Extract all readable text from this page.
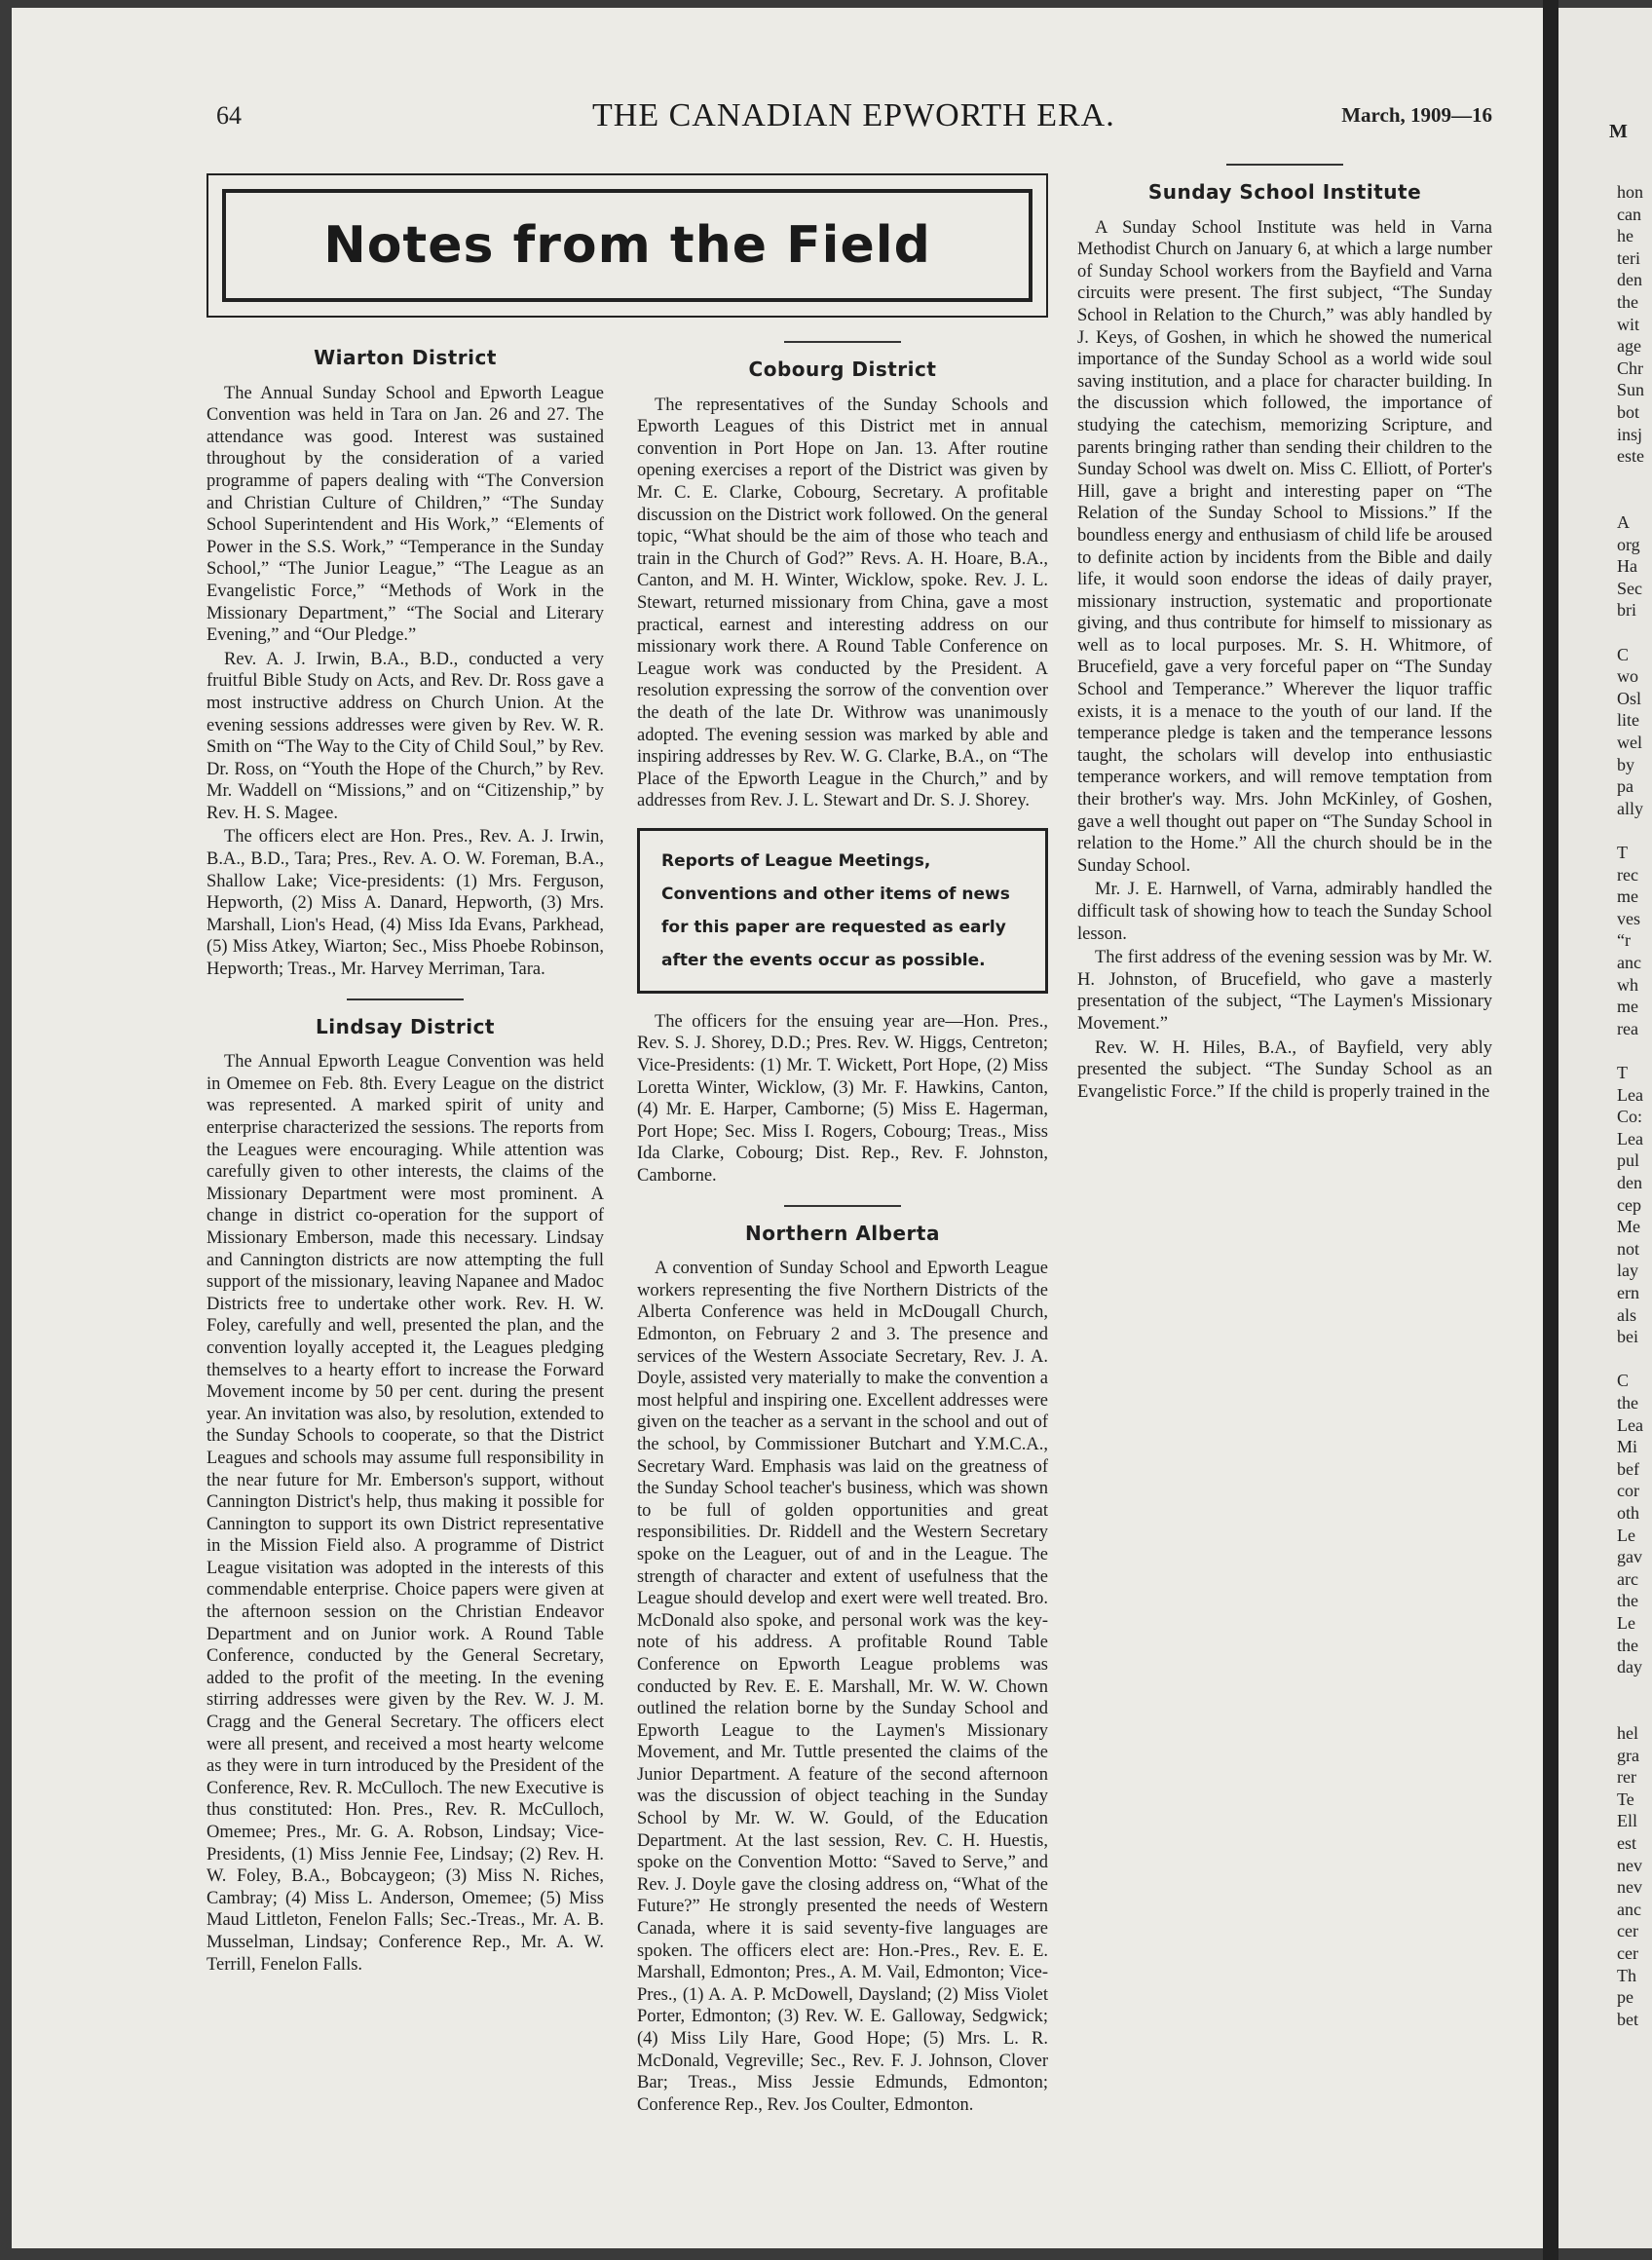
64	THE CANADIAN EPWORTH ERA.	March, 1909—16
Notes from the Field
Wiarton District

The Annual Sunday School and Epworth League Convention was held in Tara on Jan. 26 and 27. The attendance was good. Interest was sustained throughout by the consideration of a varied programme of papers dealing with “The Conversion and Christian Culture of Children,” “The Sunday School Superintendent and His Work,” “Elements of Power in the S.S. Work,” “Temperance in the Sunday School,” “The Junior League,” “The League as an Evangelistic Force,” “Methods of Work in the Missionary Department,” “The Social and Literary Evening,” and “Our Pledge.”

Rev. A. J. Irwin, B.A., B.D., conducted a very fruitful Bible Study on Acts, and Rev. Dr. Ross gave a most instructive address on Church Union. At the evening sessions addresses were given by Rev. W. R. Smith on “The Way to the City of Child Soul,” by Rev. Dr. Ross, on “Youth the Hope of the Church,” by Rev. Mr. Waddell on “Missions,” and on “Citizenship,” by Rev. H. S. Magee.

The officers elect are Hon. Pres., Rev. A. J. Irwin, B.A., B.D., Tara; Pres., Rev. A. O. W. Foreman, B.A., Shallow Lake; Vice-presidents: (1) Mrs. Ferguson, Hepworth, (2) Miss A. Danard, Hepworth, (3) Mrs. Marshall, Lion's Head, (4) Miss Ida Evans, Parkhead, (5) Miss Atkey, Wiarton; Sec., Miss Phoebe Robinson, Hepworth; Treas., Mr. Harvey Merriman, Tara.

Lindsay District

The Annual Epworth League Convention was held in Omemee on Feb. 8th. Every League on the district was represented. A marked spirit of unity and enterprise characterized the sessions. The reports from the Leagues were encouraging. While attention was carefully given to other interests, the claims of the Missionary Department were most prominent. A change in district co-operation for the support of Missionary Emberson, made this necessary. Lindsay and Cannington districts are now attempting the full support of the missionary, leaving Napanee and Madoc Districts free to undertake other work. Rev. H. W. Foley, carefully and well, presented the plan, and the convention loyally accepted it, the Leagues pledging themselves to a hearty effort to increase the Forward Movement income by 50 per cent. during the present year. An invitation was also, by resolution, extended to the Sunday Schools to cooperate, so that the District Leagues and schools may assume full responsibility in the near future for Mr. Emberson's support, without Cannington District's help, thus making it possible for Cannington to support its own District representative in the Mission Field also. A programme of District League visitation was adopted in the interests of this commendable enterprise. Choice papers were given at the afternoon session on the Christian Endeavor Department and on Junior work. A Round Table Conference, conducted by the General Secretary, added to the profit of the meeting. In the evening stirring addresses were given by the Rev. W. J. M. Cragg and the General Secretary. The officers elect were all present, and received a most hearty welcome as they were in turn introduced by the President of the Conference, Rev. R. McCulloch. The new Executive is thus constituted: Hon. Pres., Rev. R. McCulloch, Omemee; Pres., Mr. G. A. Robson, Lindsay; Vice-Presidents, (1) Miss Jennie Fee, Lindsay; (2) Rev. H. W. Foley, B.A., Bobcaygeon; (3) Miss N. Riches, Cambray; (4) Miss L. Anderson, Omemee; (5) Miss Maud Littleton, Fenelon Falls; Sec.-Treas., Mr. A. B. Musselman, Lindsay; Conference Rep., Mr. A. W. Terrill, Fenelon Falls.

Cobourg District

The representatives of the Sunday Schools and Epworth Leagues of this District met in annual convention in Port Hope on Jan. 13. After routine opening exercises a report of the District was given by Mr. C. E. Clarke, Cobourg, Secretary. A profitable discussion on the District work followed. On the general topic, “What should be the aim of those who teach and train in the Church of God?” Revs. A. H. Hoare, B.A., Canton, and M. H. Winter, Wicklow, spoke. Rev. J. L. Stewart, returned missionary from China, gave a most practical, earnest and interesting address on our missionary work there. A Round Table Conference on League work was conducted by the President. A resolution expressing the sorrow of the convention over the death of the late Dr. Withrow was unanimously adopted. The evening session was marked by able and inspiring addresses by Rev. W. G. Clarke, B.A., on “The Place of the Epworth League in the Church,” and by addresses from Rev. J. L. Stewart and Dr. S. J. Shorey.

Reports of League Meetings, Conventions and other items of news for this paper are requested as early after the events occur as possible.

The officers for the ensuing year are—Hon. Pres., Rev. S. J. Shorey, D.D.; Pres. Rev. W. Higgs, Centreton; Vice-Presidents: (1) Mr. T. Wickett, Port Hope, (2) Miss Loretta Winter, Wicklow, (3) Mr. F. Hawkins, Canton, (4) Mr. E. Harper, Camborne; (5) Miss E. Hagerman, Port Hope; Sec. Miss I. Rogers, Cobourg; Treas., Miss Ida Clarke, Cobourg; Dist. Rep., Rev. F. Johnston, Camborne.

Northern Alberta

A convention of Sunday School and Epworth League workers representing the five Northern Districts of the Alberta Conference was held in McDougall Church, Edmonton, on February 2 and 3. The presence and services of the Western Associate Secretary, Rev. J. A. Doyle, assisted very materially to make the convention a most helpful and inspiring one. Excellent addresses were given on the teacher as a servant in the school and out of the school, by Commissioner Butchart and Y.M.C.A., Secretary Ward. Emphasis was laid on the greatness of the Sunday School teacher's business, which was shown to be full of golden opportunities and great responsibilities. Dr. Riddell and the Western Secretary spoke on the Leaguer, out of and in the League. The strength of character and extent of usefulness that the League should develop and exert were well treated. Bro. McDonald also spoke, and personal work was the key-note of his address. A profitable Round Table Conference on Epworth League problems was conducted by Rev. E. E. Marshall, Mr. W. W. Chown outlined the relation borne by the Sunday School and Epworth League to the Laymen's Missionary Movement, and Mr. Tuttle presented the claims of the Junior Department. A feature of the second afternoon was the discussion of object teaching in the Sunday School by Mr. W. W. Gould, of the Education Department. At the last session, Rev. C. H. Huestis, spoke on the Convention Motto: “Saved to Serve,” and Rev. J. Doyle gave the closing address on, “What of the Future?” He strongly presented the needs of Western Canada, where it is said seventy-five languages are spoken. The officers elect are: Hon.-Pres., Rev. E. E. Marshall, Edmonton; Pres., A. M. Vail, Edmonton; Vice-Pres., (1) A. A. P. McDowell, Daysland; (2) Miss Violet Porter, Edmonton; (3) Rev. W. E. Galloway, Sedgwick; (4) Miss Lily Hare, Good Hope; (5) Mrs. L. R. McDonald, Vegreville; Sec., Rev. F. J. Johnson, Clover Bar; Treas., Miss Jessie Edmunds, Edmonton; Conference Rep., Rev. Jos Coulter, Edmonton.

Sunday School Institute

A Sunday School Institute was held in Varna Methodist Church on January 6, at which a large number of Sunday School workers from the Bayfield and Varna circuits were present. The first subject, “The Sunday School in Relation to the Church,” was ably handled by J. Keys, of Goshen, in which he showed the numerical importance of the Sunday School as a world wide soul saving institution, and a place for character building. In the discussion which followed, the importance of studying the catechism, memorizing Scripture, and parents bringing rather than sending their children to the Sunday School was dwelt on. Miss C. Elliott, of Porter's Hill, gave a bright and interesting paper on “The Relation of the Sunday School to Missions.” If the boundless energy and enthusiasm of child life be aroused to definite action by incidents from the Bible and daily life, it would soon endorse the ideas of daily prayer, missionary instruction, systematic and proportionate giving, and thus contribute for himself to missionary as well as to local purposes. Mr. S. H. Whitmore, of Brucefield, gave a very forceful paper on “The Sunday School and Temperance.” Wherever the liquor traffic exists, it is a menace to the youth of our land. If the temperance pledge is taken and the temperance lessons taught, the scholars will develop into enthusiastic temperance workers, and will remove temptation from their brother's way. Mrs. John McKinley, of Goshen, gave a well thought out paper on “The Sunday School in relation to the Home.” All the church should be in the Sunday School.

Mr. J. E. Harnwell, of Varna, admirably handled the difficult task of showing how to teach the Sunday School lesson.

The first address of the evening session was by Mr. W. H. Johnston, of Brucefield, who gave a masterly presentation of the subject, “The Laymen's Missionary Movement.”

Rev. W. H. Hiles, B.A., of Bayfield, very ably presented the subject. “The Sunday School as an Evangelistic Force.” If the child is properly trained in the

M
hon
can
he
teri
den
the
wit
age
Chr
Sun
bot
insj
este
A
org
Ha
Sec
bri
C
wo
Osl
lite
wel
by
pa
ally
T
rec
me
ves
“r
anc
wh
me
rea
T
Lea
Co:
Lea
pul
den
cep
Me
not
lay
ern
als
bei
C
the
Lea
Mi
bef
cor
oth
Le
gav
arc
the
Le
the
day
hel
gra
rer
Te
Ell
est
nev
nev
anc
cer
cer
Th
pe
bet
